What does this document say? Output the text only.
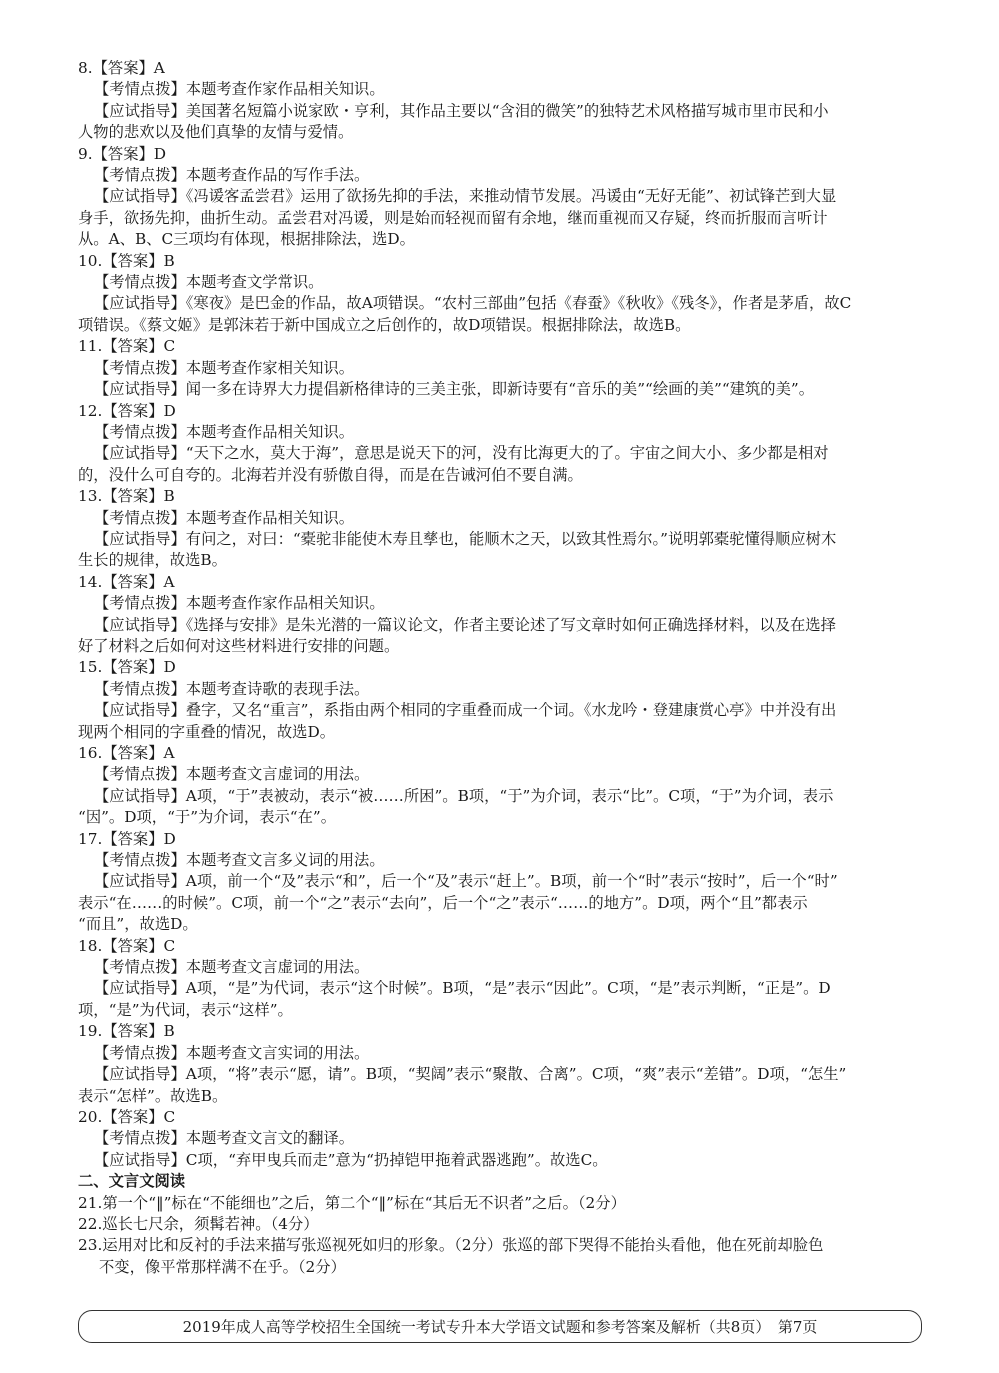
8.【答案】A
【考情点拨】本题考查作家作品相关知识。
【应试指导】美国著名短篇小说家欧・亨利，其作品主要以“含泪的微笑”的独特艺术风格描写城市里市民和小
人物的悲欢以及他们真挚的友情与爱情。
9.【答案】D
【考情点拨】本题考查作品的写作手法。
【应试指导】《冯谖客孟尝君》运用了欲扬先抑的手法，来推动情节发展。冯谖由“无好无能”、初试锋芒到大显
身手，欲扬先抑，曲折生动。孟尝君对冯谖，则是始而轻视而留有余地，继而重视而又存疑，终而折服而言听计
从。A、B、C三项均有体现，根据排除法，选D。
10.【答案】B
【考情点拨】本题考查文学常识。
【应试指导】《寒夜》是巴金的作品，故A项错误。“农村三部曲”包括《春蚕》《秋收》《残冬》，作者是茅盾，故C
项错误。《蔡文姬》是郭沫若于新中国成立之后创作的，故D项错误。根据排除法，故选B。
11.【答案】C
【考情点拨】本题考查作家相关知识。
【应试指导】闻一多在诗界大力提倡新格律诗的三美主张，即新诗要有“音乐的美”“绘画的美”“建筑的美”。
12.【答案】D
【考情点拨】本题考查作品相关知识。
【应试指导】“天下之水，莫大于海”，意思是说天下的河，没有比海更大的了。宇宙之间大小、多少都是相对
的，没什么可自夸的。北海若并没有骄傲自得，而是在告诫河伯不要自满。
13.【答案】B
【考情点拨】本题考查作品相关知识。
【应试指导】有问之，对曰：“橐驼非能使木寿且孳也，能顺木之天，以致其性焉尔。”说明郭橐驼懂得顺应树木
生长的规律，故选B。
14.【答案】A
【考情点拨】本题考查作家作品相关知识。
【应试指导】《选择与安排》是朱光潜的一篇议论文，作者主要论述了写文章时如何正确选择材料，以及在选择
好了材料之后如何对这些材料进行安排的问题。
15.【答案】D
【考情点拨】本题考查诗歌的表现手法。
【应试指导】叠字，又名“重言”，系指由两个相同的字重叠而成一个词。《水龙吟・登建康赏心亭》中并没有出
现两个相同的字重叠的情况，故选D。
16.【答案】A
【考情点拨】本题考查文言虚词的用法。
【应试指导】A项，“于”表被动，表示“被……所困”。B项，“于”为介词，表示“比”。C项，“于”为介词，表示
“因”。D项，“于”为介词，表示“在”。
17.【答案】D
【考情点拨】本题考查文言多义词的用法。
【应试指导】A项，前一个“及”表示“和”，后一个“及”表示“赶上”。B项，前一个“时”表示“按时”，后一个“时”
表示“在……的时候”。C项，前一个“之”表示“去向”，后一个“之”表示“……的地方”。D项，两个“且”都表示
“而且”，故选D。
18.【答案】C
【考情点拨】本题考查文言虚词的用法。
【应试指导】A项，“是”为代词，表示“这个时候”。B项，“是”表示“因此”。C项，“是”表示判断，“正是”。D
项，“是”为代词，表示“这样”。
19.【答案】B
【考情点拨】本题考查文言实词的用法。
【应试指导】A项，“将”表示“愿，请”。B项，“契阔”表示“聚散、合离”。C项，“爽”表示“差错”。D项，“怎生”
表示“怎样”。故选B。
20.【答案】C
【考情点拨】本题考查文言文的翻译。
【应试指导】C项，“弃甲曳兵而走”意为“扔掉铠甲拖着武器逃跑”。故选C。
二、文言文阅读
21.第一个“‖”标在“不能细也”之后，第二个“‖”标在“其后无不识者”之后。（2分）
22.巡长七尺余，须髯若神。（4分）
23.运用对比和反衬的手法来描写张巡视死如归的形象。（2分）张巡的部下哭得不能抬头看他，他在死前却脸色
不变，像平常那样满不在乎。（2分）
2019年成人高等学校招生全国统一考试专升本大学语文试题和参考答案及解析（共8页）　第7页
